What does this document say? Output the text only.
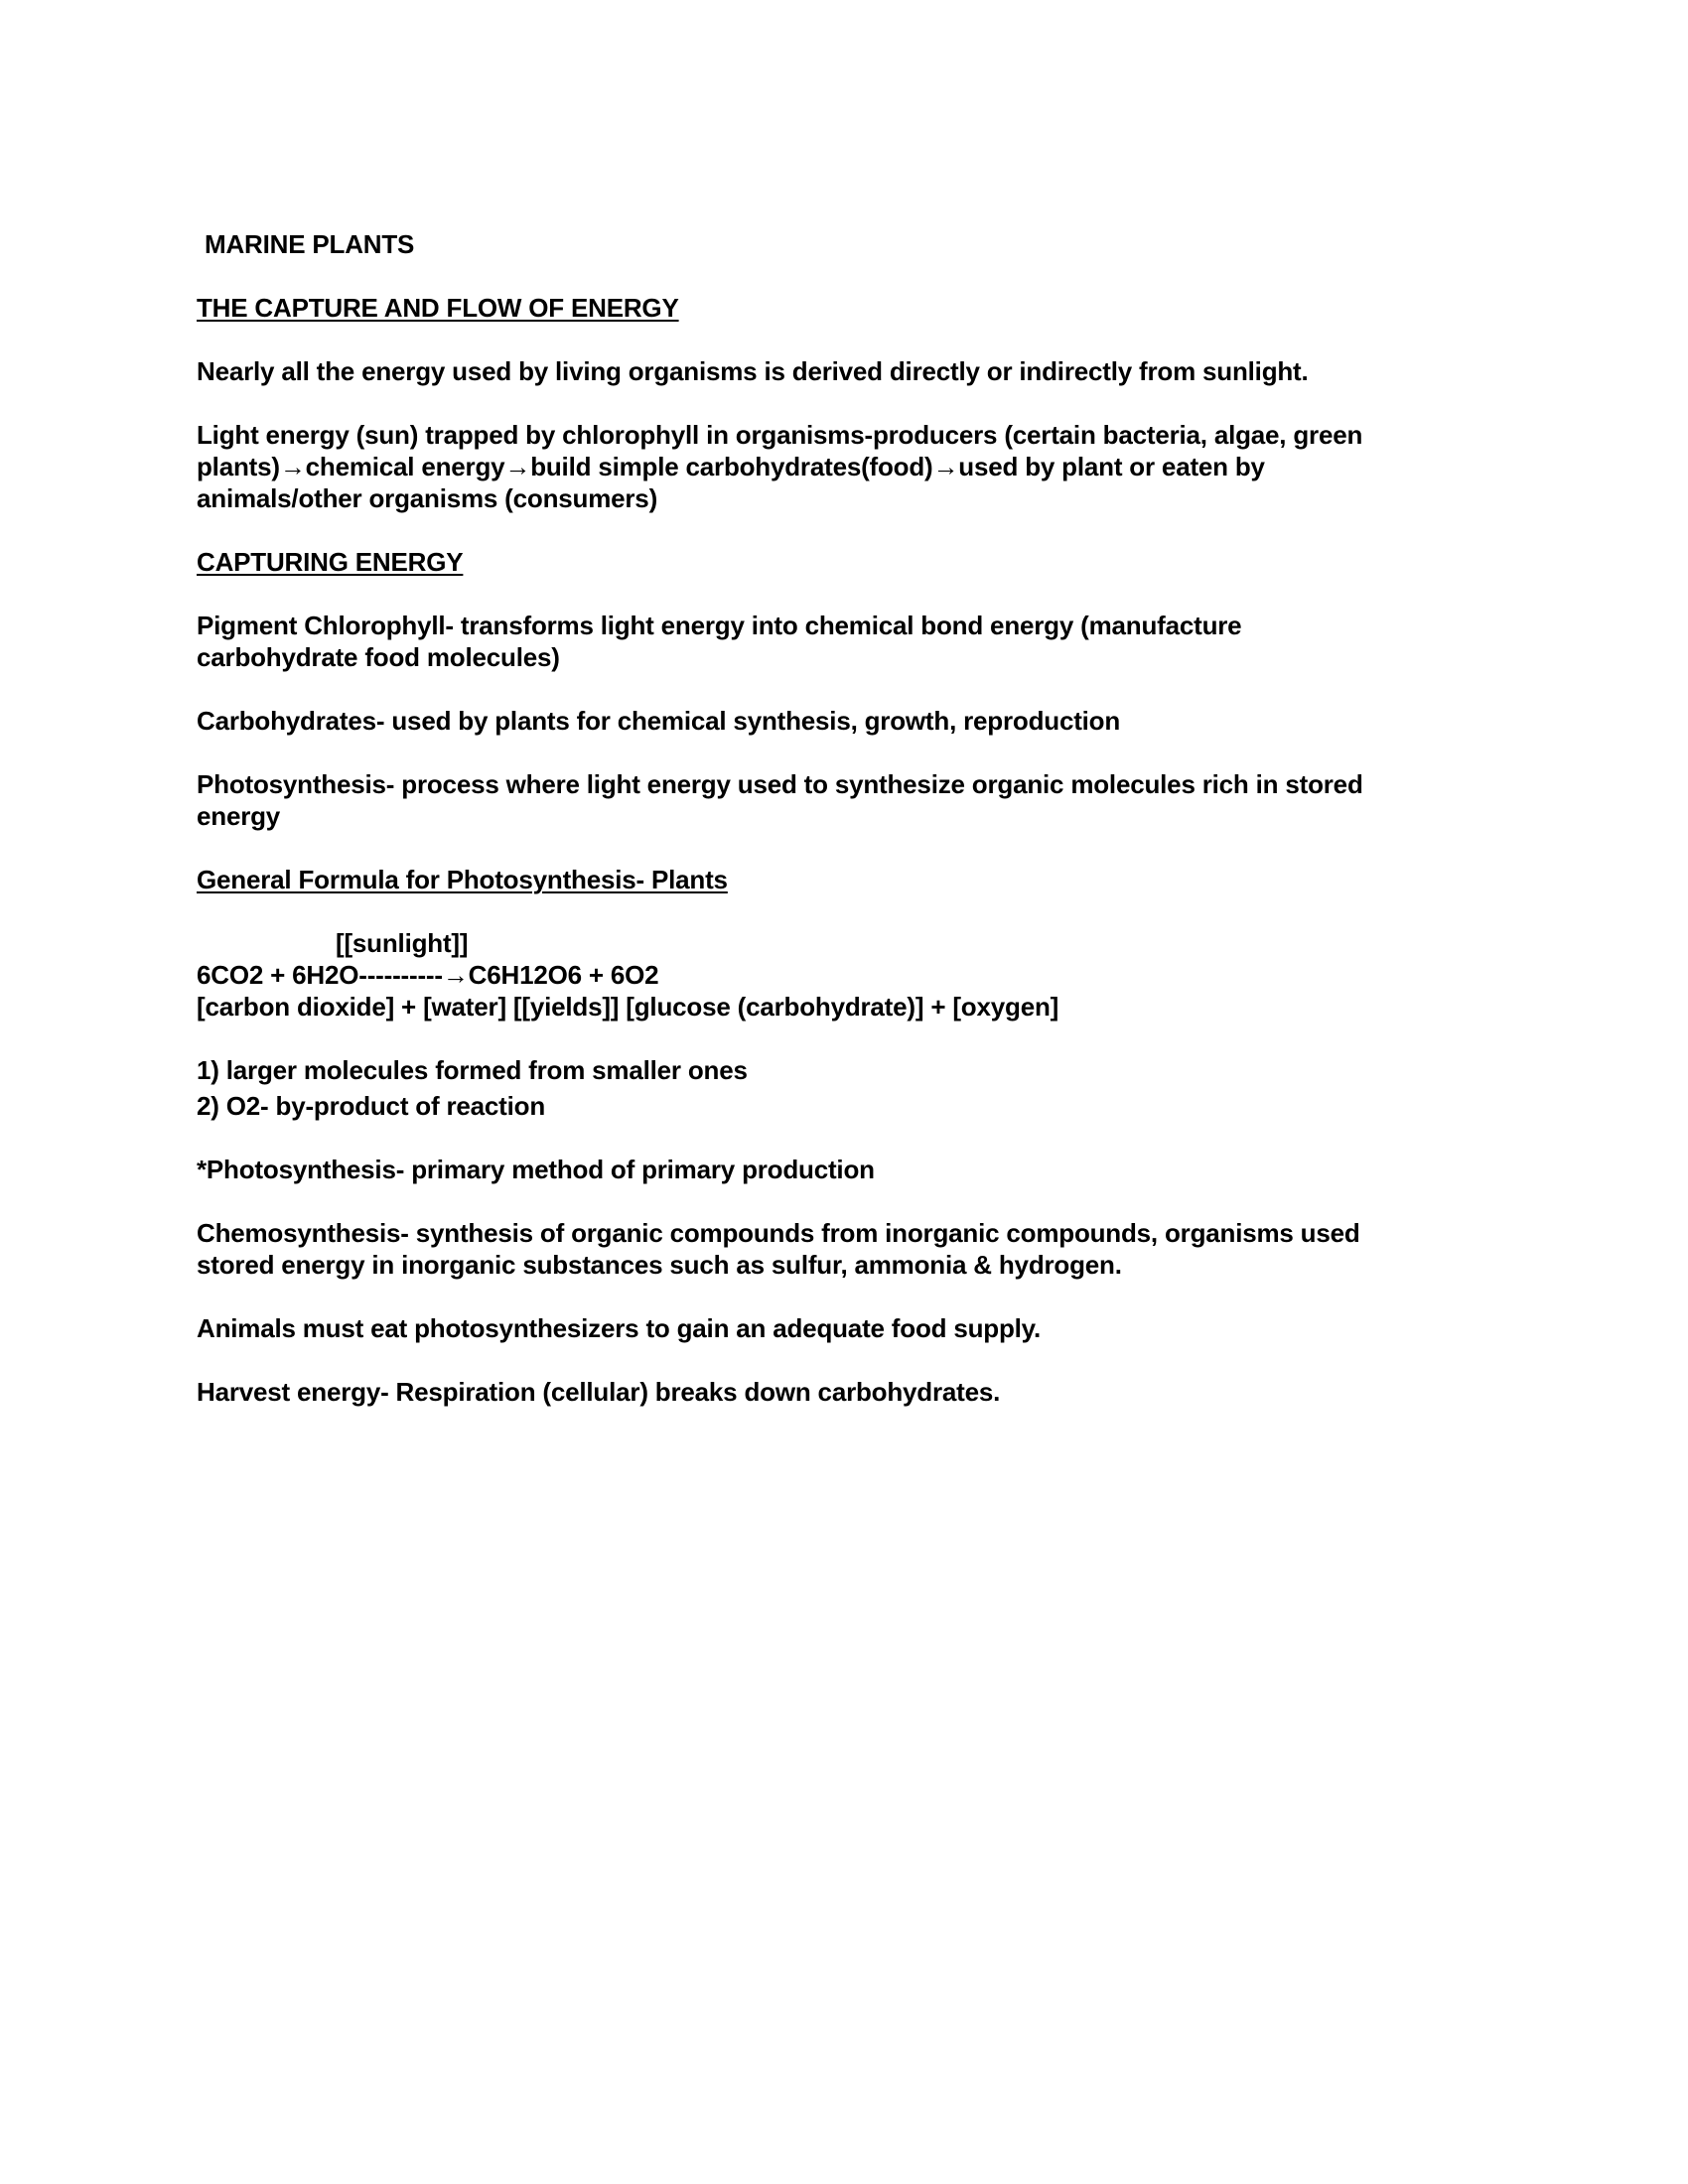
MARINE PLANTS
THE CAPTURE AND FLOW OF ENERGY
Nearly all the energy used by living organisms is derived directly or indirectly from sunlight.
Light energy (sun) trapped by chlorophyll in organisms-producers (certain bacteria, algae, green
plants)→chemical energy→build simple carbohydrates(food)→used by plant or eaten by
animals/other organisms (consumers)
CAPTURING ENERGY
Pigment Chlorophyll- transforms light energy into chemical bond energy (manufacture
carbohydrate food molecules)
Carbohydrates- used by plants for chemical synthesis, growth, reproduction
Photosynthesis- process where light energy used to synthesize organic molecules rich in stored
energy
General Formula for Photosynthesis- Plants
[[sunlight]]
6CO2 + 6H2O----------→C6H12O6 + 6O2
[carbon dioxide] + [water] [[yields]] [glucose (carbohydrate)] + [oxygen]
1) larger molecules formed from smaller ones
2) O2- by-product of reaction
*Photosynthesis- primary method of primary production
Chemosynthesis- synthesis of organic compounds from inorganic compounds, organisms used
stored energy in inorganic substances such as sulfur, ammonia & hydrogen.
Animals must eat photosynthesizers to gain an adequate food supply.
Harvest energy- Respiration (cellular) breaks down carbohydrates.
